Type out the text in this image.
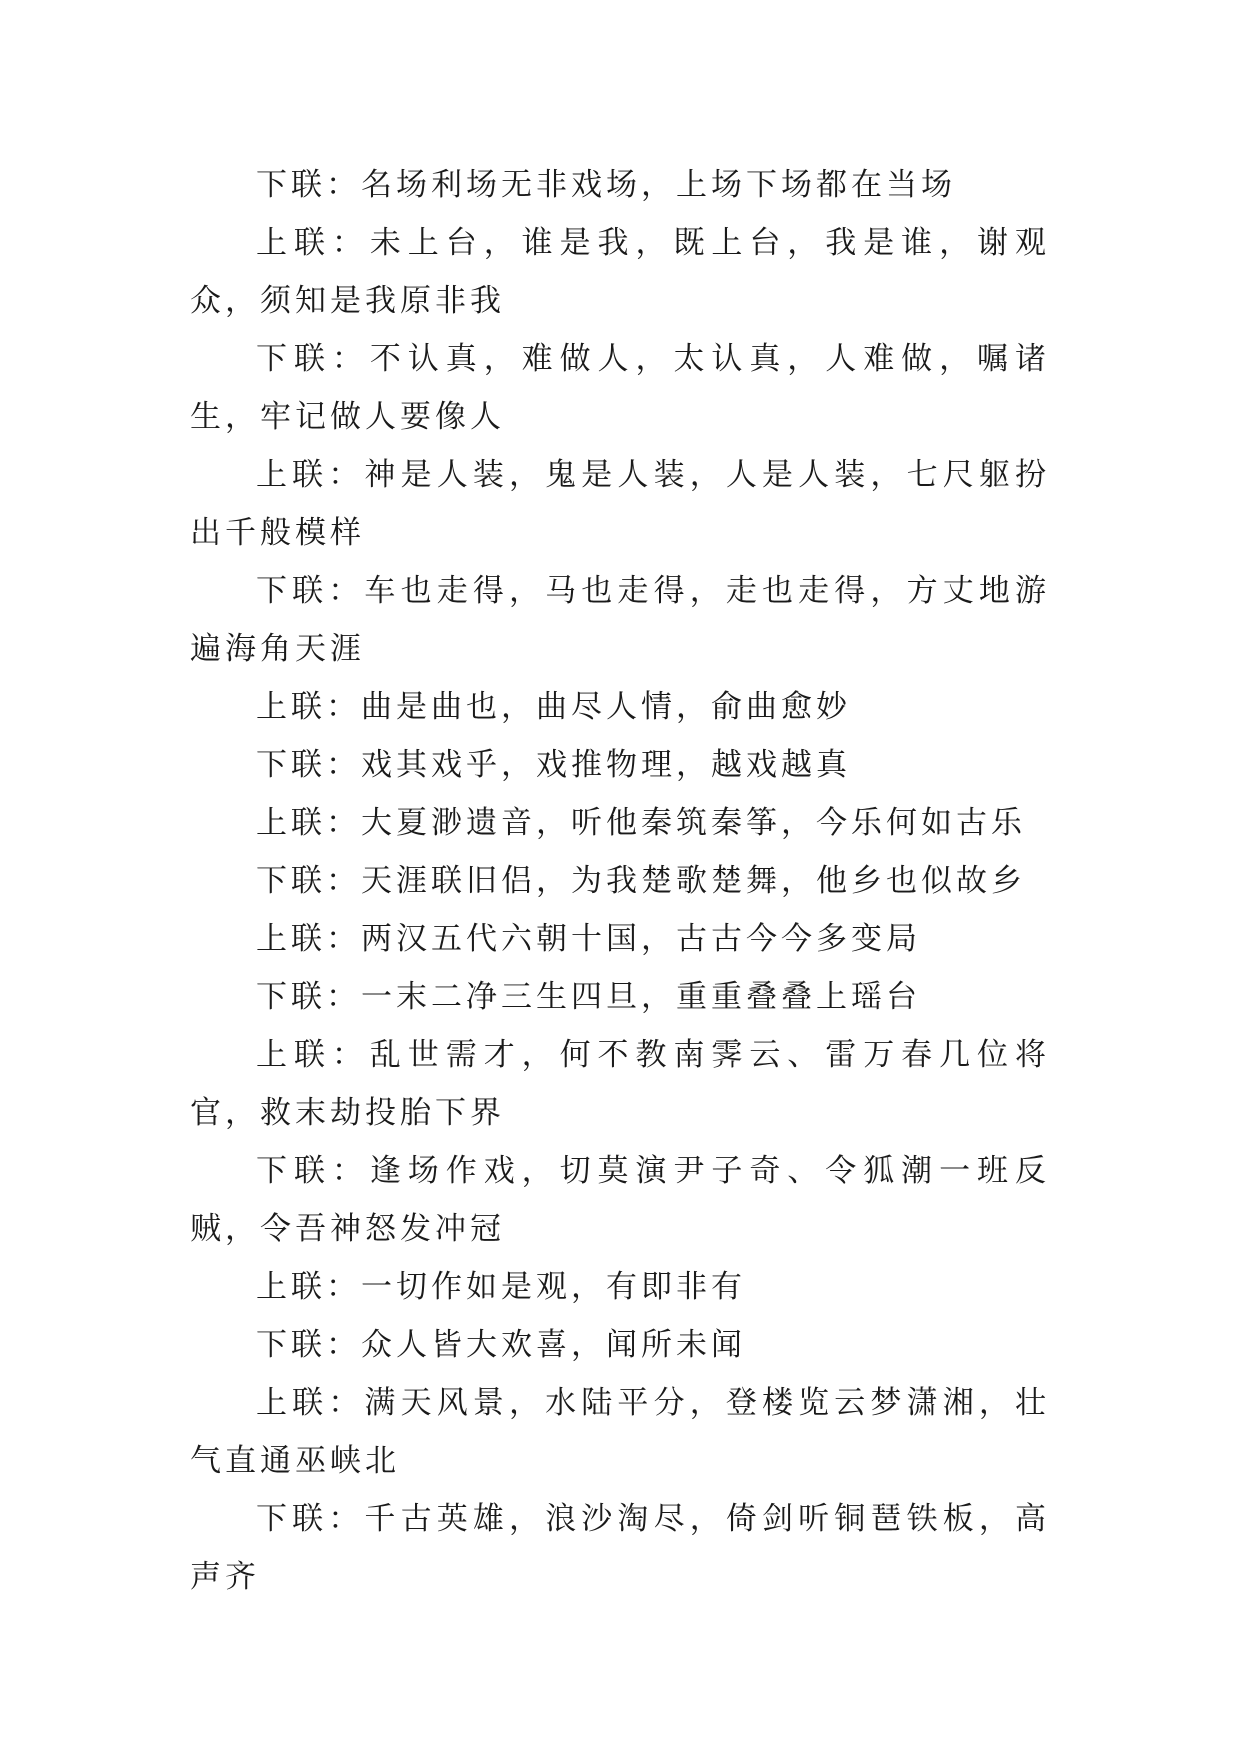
下联：名场利场无非戏场，上场下场都在当场

上联：未上台，谁是我，既上台，我是谁，谢观众，须知是我原非我

下联：不认真，难做人，太认真，人难做，嘱诸生，牢记做人要像人

上联：神是人装，鬼是人装，人是人装，七尺躯扮出千般模样

下联：车也走得，马也走得，走也走得，方丈地游遍海角天涯

上联：曲是曲也，曲尽人情，俞曲愈妙

下联：戏其戏乎，戏推物理，越戏越真

上联：大夏渺遗音，听他秦筑秦筝，今乐何如古乐

下联：天涯联旧侣，为我楚歌楚舞，他乡也似故乡

上联：两汉五代六朝十国，古古今今多变局

下联：一末二净三生四旦，重重叠叠上瑶台

上联：乱世需才，何不教南霁云、雷万春几位将官，救末劫投胎下界

下联：逢场作戏，切莫演尹子奇、令狐潮一班反贼，令吾神怒发冲冠

上联：一切作如是观，有即非有

下联：众人皆大欢喜，闻所未闻

上联：满天风景，水陆平分，登楼览云梦潇湘，壮气直通巫峡北

下联：千古英雄，浪沙淘尽，倚剑听铜琶铁板，高声齐
